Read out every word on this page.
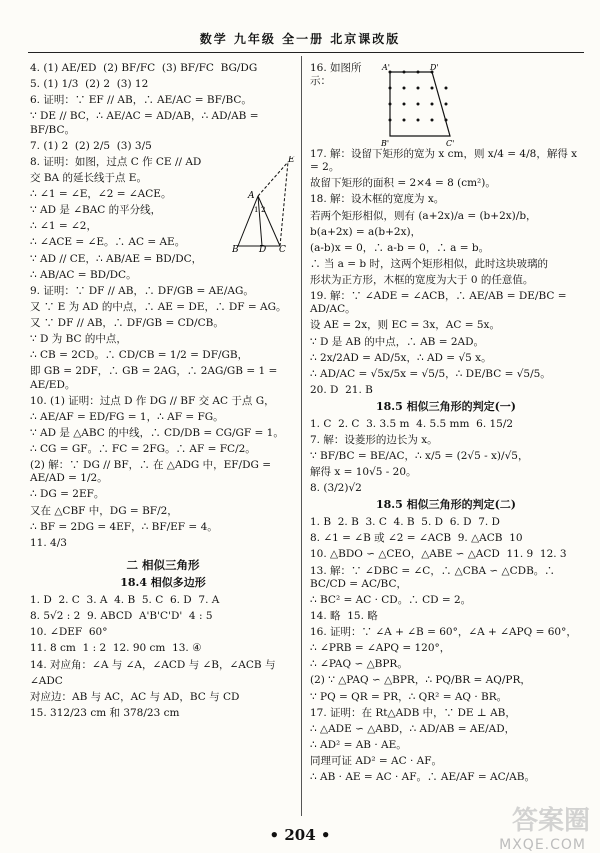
数学 九年级 全一册 北京课改版
4. (1) AE/ED  (2) BF/FC  (3) BF/FC  BG/DG
5. (1) 1/3  (2) 2  (3) 12
6. 证明：∵ EF // AB，∴ AE/AC = BF/BC。
∵ DE // BC，∴ AE/AC = AD/AB，∴ AD/AB = BF/BC。
7. (1) 2  (2) 2/5  (3) 3/5
8. 证明：如图，过点 C 作 CE // AD
交 BA 的延长线于点 E。
∴ ∠1 = ∠E，∠2 = ∠ACE。
∵ AD 是 ∠BAC 的平分线，
∴ ∠1 = ∠2，
∴ ∠ACE = ∠E。∴ AC = AE。
E
A
1 2
B D C
∵ AD // CE，∴ AB/AE = BD/DC，
∴ AB/AC = BD/DC。
9. 证明：∵ DF // AB，∴ DF/GB = AE/AG。
又 ∵ E 为 AD 的中点，∴ AE = DE，∴ DF = AG。
又 ∵ DF // AB，∴ DF/GB = CD/CB。
∵ D 为 BC 的中点，
∴ CB = 2CD。∴ CD/CB = 1/2 = DF/GB，
即 GB = 2DF，∴ GB = 2AG，∴ 2AG/GB = 1 = AE/ED。
10. (1) 证明：过点 D 作 DG // BF 交 AC 于点 G，
∴ AE/AF = ED/FG = 1，∴ AF = FG。
∵ AD 是 △ABC 的中线，∴ CD/DB = CG/GF = 1。
∴ CG = GF。∴ FC = 2FG。∴ AF = FC/2。
(2) 解：∵ DG // BF，∴ 在 △ADG 中，EF/DG = AE/AD = 1/2。
∴ DG = 2EF。
又在 △CBF 中，DG = BF/2，
∴ BF = 2DG = 4EF，∴ BF/EF = 4。
11. 4/3
二 相似三角形
18.4 相似多边形
1. D  2. C  3. A  4. B  5. C  6. D  7. A
8. 5√2 : 2  9. ABCD  A'B'C'D'  4 : 5
10. ∠DEF  60°
11. 8 cm  1 : 2  12. 90 cm  13. ④
14. 对应角：∠A 与 ∠A，∠ACD 与 ∠B，∠ACB 与
∠ADC
对应边：AB 与 AC，AC 与 AD，BC 与 CD
15. 312/23 cm 和 378/23 cm
16. 如图所示：
A'	D'
B'	C'
17. 解：设留下矩形的宽为 x cm，则 x/4 = 4/8，解得 x = 2。
故留下矩形的面积 = 2×4 = 8 (cm²)。
18. 解：设木框的宽度为 x。
若两个矩形相似，则有 (a+2x)/a = (b+2x)/b，
b(a+2x) = a(b+2x)，
(a-b)x = 0，∴ a-b = 0，∴ a = b。
∴ 当 a = b 时，这两个矩形相似，此时这块玻璃的
形状为正方形，木框的宽度为大于 0 的任意值。
19. 解：∵ ∠ADE = ∠ACB，∴ AE/AB = DE/BC = AD/AC。
设 AE = 2x，则 EC = 3x，AC = 5x。
∵ D 是 AB 的中点，∴ AB = 2AD。
∴ 2x/2AD = AD/5x，∴ AD = √5 x。
∴ AD/AC = √5x/5x = √5/5，∴ DE/BC = √5/5。
20. D  21. B
18.5 相似三角形的判定(一)
1. C  2. C  3. 3.5 m  4. 5.5 mm  6. 15/2
7. 解：设菱形的边长为 x。
∵ BF/BC = BE/AC，∴ x/5 = (2√5 - x)/√5，
解得 x = 10√5 - 20。
8. (3/2)√2
18.5 相似三角形的判定(二)
1. B  2. B  3. C  4. B  5. D  6. D  7. D
8. ∠1 = ∠B 或 ∠2 = ∠ACB  9. △ACB  10
10. △BDO ∽ △CEO，△ABE ∽ △ACD  11. 9  12. 3
13. 解：∵ ∠DBC = ∠C，∴ △CBA ∽ △CDB。∴ BC/CD = AC/BC，
∴ BC² = AC · CD。∴ CD = 2。
14. 略  15. 略
16. 证明：∵ ∠A + ∠B = 60°，∠A + ∠APQ = 60°，
∴ ∠PRB = ∠APQ = 120°，
∴ ∠PAQ ∽ △BPR。
(2) ∵ △PAQ ∽ △BPR，∴ PQ/BR = AQ/PR，
∵ PQ = QR = PR，∴ QR² = AQ · BR。
17. 证明：在 Rt△ADB 中，∵ DE ⊥ AB，
∴ △ADE ∽ △ABD，∴ AD/AB = AE/AD，
∴ AD² = AB · AE。
同理可证 AD² = AC · AF。
∴ AB · AE = AC · AF。∴ AE/AF = AC/AB。
• 204 •	答案圈
MXQE.COM
